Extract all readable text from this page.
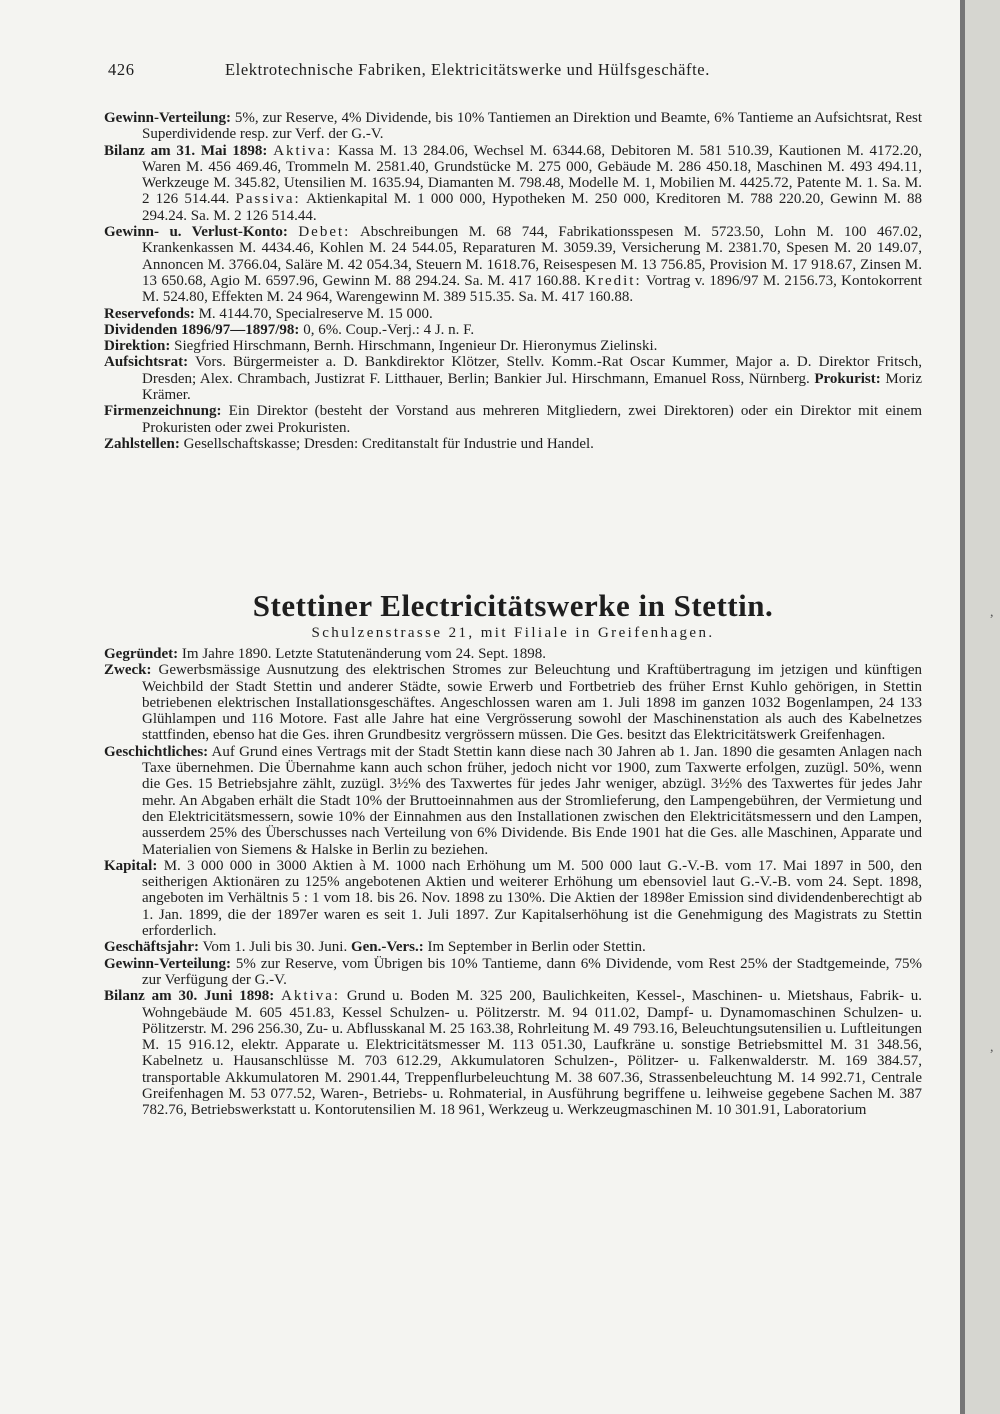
,
,
426	Elektrotechnische Fabriken, Elektricitätswerke und Hülfsgeschäfte.

Gewinn-Verteilung: 5%, zur Reserve, 4% Dividende, bis 10% Tantiemen an Direktion und Beamte, 6% Tantieme an Aufsichtsrat, Rest Superdividende resp. zur Verf. der G.-V.

Bilanz am 31. Mai 1898: Aktiva: Kassa M. 13 284.06, Wechsel M. 6344.68, Debitoren M. 581 510.39, Kautionen M. 4172.20, Waren M. 456 469.46, Trommeln M. 2581.40, Grundstücke M. 275 000, Gebäude M. 286 450.18, Maschinen M. 493 494.11, Werkzeuge M. 345.82, Utensilien M. 1635.94, Diamanten M. 798.48, Modelle M. 1, Mobilien M. 4425.72, Patente M. 1. Sa. M. 2 126 514.44. Passiva: Aktienkapital M. 1 000 000, Hypotheken M. 250 000, Kreditoren M. 788 220.20, Gewinn M. 88 294.24. Sa. M. 2 126 514.44.

Gewinn- u. Verlust-Konto: Debet: Abschreibungen M. 68 744, Fabrikationsspesen M. 5723.50, Lohn M. 100 467.02, Krankenkassen M. 4434.46, Kohlen M. 24 544.05, Reparaturen M. 3059.39, Versicherung M. 2381.70, Spesen M. 20 149.07, Annoncen M. 3766.04, Saläre M. 42 054.34, Steuern M. 1618.76, Reisespesen M. 13 756.85, Provision M. 17 918.67, Zinsen M. 13 650.68, Agio M. 6597.96, Gewinn M. 88 294.24. Sa. M. 417 160.88. Kredit: Vortrag v. 1896/97 M. 2156.73, Kontokorrent M. 524.80, Effekten M. 24 964, Warengewinn M. 389 515.35. Sa. M. 417 160.88.

Reservefonds: M. 4144.70, Specialreserve M. 15 000.

Dividenden 1896/97—1897/98: 0, 6%. Coup.-Verj.: 4 J. n. F.

Direktion: Siegfried Hirschmann, Bernh. Hirschmann, Ingenieur Dr. Hieronymus Zielinski.

Aufsichtsrat: Vors. Bürgermeister a. D. Bankdirektor Klötzer, Stellv. Komm.-Rat Oscar Kummer, Major a. D. Direktor Fritsch, Dresden; Alex. Chrambach, Justizrat F. Litthauer, Berlin; Bankier Jul. Hirschmann, Emanuel Ross, Nürnberg. Prokurist: Moriz Krämer.

Firmenzeichnung: Ein Direktor (besteht der Vorstand aus mehreren Mitgliedern, zwei Direktoren) oder ein Direktor mit einem Prokuristen oder zwei Prokuristen.

Zahlstellen: Gesellschaftskasse; Dresden: Creditanstalt für Industrie und Handel.

Stettiner Electricitätswerke in Stettin.
Schulzenstrasse 21, mit Filiale in Greifenhagen.

Gegründet: Im Jahre 1890. Letzte Statutenänderung vom 24. Sept. 1898.

Zweck: Gewerbsmässige Ausnutzung des elektrischen Stromes zur Beleuchtung und Kraftübertragung im jetzigen und künftigen Weichbild der Stadt Stettin und anderer Städte, sowie Erwerb und Fortbetrieb des früher Ernst Kuhlo gehörigen, in Stettin betriebenen elektrischen Installationsgeschäftes. Angeschlossen waren am 1. Juli 1898 im ganzen 1032 Bogenlampen, 24 133 Glühlampen und 116 Motore. Fast alle Jahre hat eine Vergrösserung sowohl der Maschinenstation als auch des Kabelnetzes stattfinden, ebenso hat die Ges. ihren Grundbesitz vergrössern müssen. Die Ges. besitzt das Elektricitätswerk Greifenhagen.

Geschichtliches: Auf Grund eines Vertrags mit der Stadt Stettin kann diese nach 30 Jahren ab 1. Jan. 1890 die gesamten Anlagen nach Taxe übernehmen. Die Übernahme kann auch schon früher, jedoch nicht vor 1900, zum Taxwerte erfolgen, zuzügl. 50%, wenn die Ges. 15 Betriebsjahre zählt, zuzügl. 3½% des Taxwertes für jedes Jahr weniger, abzügl. 3½% des Taxwertes für jedes Jahr mehr. An Abgaben erhält die Stadt 10% der Bruttoeinnahmen aus der Stromlieferung, den Lampengebühren, der Vermietung und den Elektricitätsmessern, sowie 10% der Einnahmen aus den Installationen zwischen den Elektricitätsmessern und den Lampen, ausserdem 25% des Überschusses nach Verteilung von 6% Dividende. Bis Ende 1901 hat die Ges. alle Maschinen, Apparate und Materialien von Siemens & Halske in Berlin zu beziehen.

Kapital: M. 3 000 000 in 3000 Aktien à M. 1000 nach Erhöhung um M. 500 000 laut G.-V.-B. vom 17. Mai 1897 in 500, den seitherigen Aktionären zu 125% angebotenen Aktien und weiterer Erhöhung um ebensoviel laut G.-V.-B. vom 24. Sept. 1898, angeboten im Verhältnis 5 : 1 vom 18. bis 26. Nov. 1898 zu 130%. Die Aktien der 1898er Emission sind dividendenberechtigt ab 1. Jan. 1899, die der 1897er waren es seit 1. Juli 1897. Zur Kapitalserhöhung ist die Genehmigung des Magistrats zu Stettin erforderlich.

Geschäftsjahr: Vom 1. Juli bis 30. Juni. Gen.-Vers.: Im September in Berlin oder Stettin.

Gewinn-Verteilung: 5% zur Reserve, vom Übrigen bis 10% Tantieme, dann 6% Dividende, vom Rest 25% der Stadtgemeinde, 75% zur Verfügung der G.-V.

Bilanz am 30. Juni 1898: Aktiva: Grund u. Boden M. 325 200, Baulichkeiten, Kessel-, Maschinen- u. Mietshaus, Fabrik- u. Wohngebäude M. 605 451.83, Kessel Schulzen- u. Pölitzerstr. M. 94 011.02, Dampf- u. Dynamomaschinen Schulzen- u. Pölitzerstr. M. 296 256.30, Zu- u. Abflusskanal M. 25 163.38, Rohrleitung M. 49 793.16, Beleuchtungsutensilien u. Luftleitungen M. 15 916.12, elektr. Apparate u. Elektricitätsmesser M. 113 051.30, Laufkräne u. sonstige Betriebsmittel M. 31 348.56, Kabelnetz u. Hausanschlüsse M. 703 612.29, Akkumulatoren Schulzen-, Pölitzer- u. Falkenwalderstr. M. 169 384.57, transportable Akkumulatoren M. 2901.44, Treppenflurbeleuchtung M. 38 607.36, Strassenbeleuchtung M. 14 992.71, Centrale Greifenhagen M. 53 077.52, Waren-, Betriebs- u. Rohmaterial, in Ausführung begriffene u. leihweise gegebene Sachen M. 387 782.76, Betriebswerkstatt u. Kontorutensilien M. 18 961, Werkzeug u. Werkzeugmaschinen M. 10 301.91, Laboratorium
